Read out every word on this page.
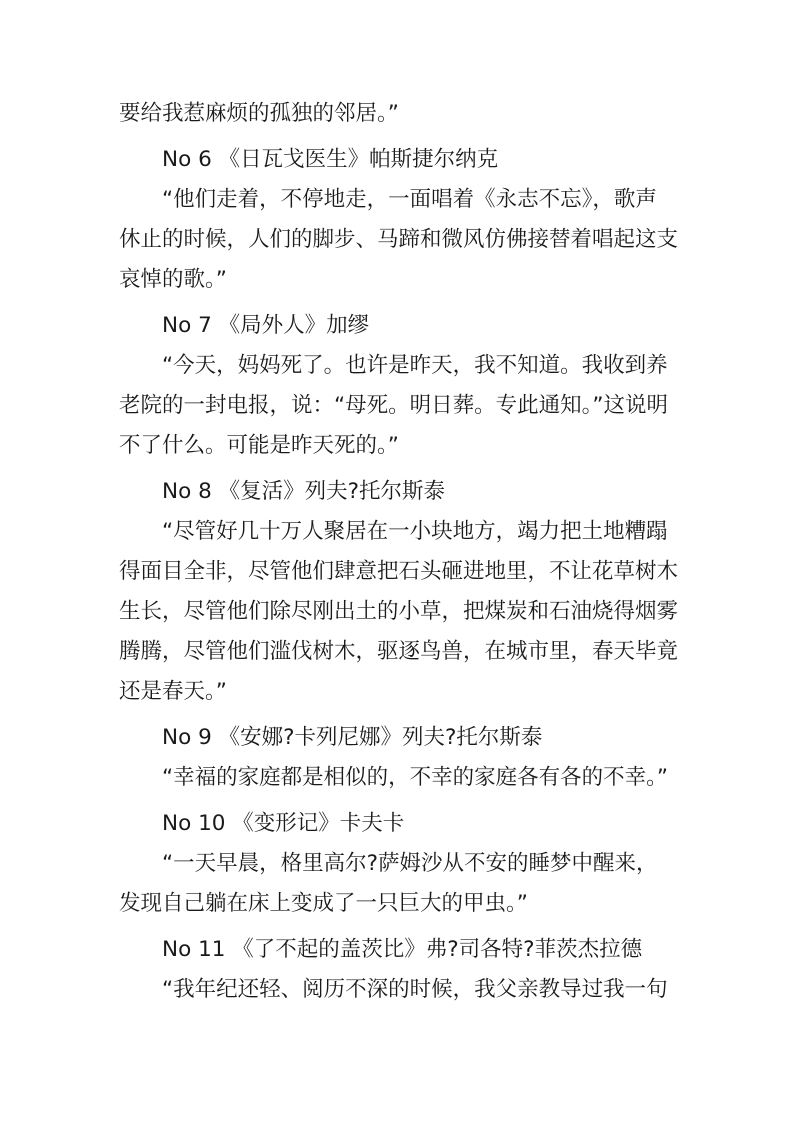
要给我惹麻烦的孤独的邻居。”
No 6 《日瓦戈医生》帕斯捷尔纳克
“他们走着，不停地走，一面唱着《永志不忘》，歌声
休止的时候，人们的脚步、马蹄和微风仿佛接替着唱起这支
哀悼的歌。”
No 7 《局外人》加缪
“今天，妈妈死了。也许是昨天，我不知道。我收到养
老院的一封电报，说：“母死。明日葬。专此通知。”这说明
不了什么。可能是昨天死的。”
No 8 《复活》列夫?托尔斯泰
“尽管好几十万人聚居在一小块地方，竭力把土地糟蹋
得面目全非，尽管他们肆意把石头砸进地里，不让花草树木
生长，尽管他们除尽刚出土的小草，把煤炭和石油烧得烟雾
腾腾，尽管他们滥伐树木，驱逐鸟兽，在城市里，春天毕竟
还是春天。”
No 9 《安娜?卡列尼娜》列夫?托尔斯泰
“幸福的家庭都是相似的，不幸的家庭各有各的不幸。”
No 10 《变形记》卡夫卡
“一天早晨，格里高尔?萨姆沙从不安的睡梦中醒来，
发现自己躺在床上变成了一只巨大的甲虫。”
No 11 《了不起的盖茨比》弗?司各特?菲茨杰拉德
“我年纪还轻、阅历不深的时候，我父亲教导过我一句
